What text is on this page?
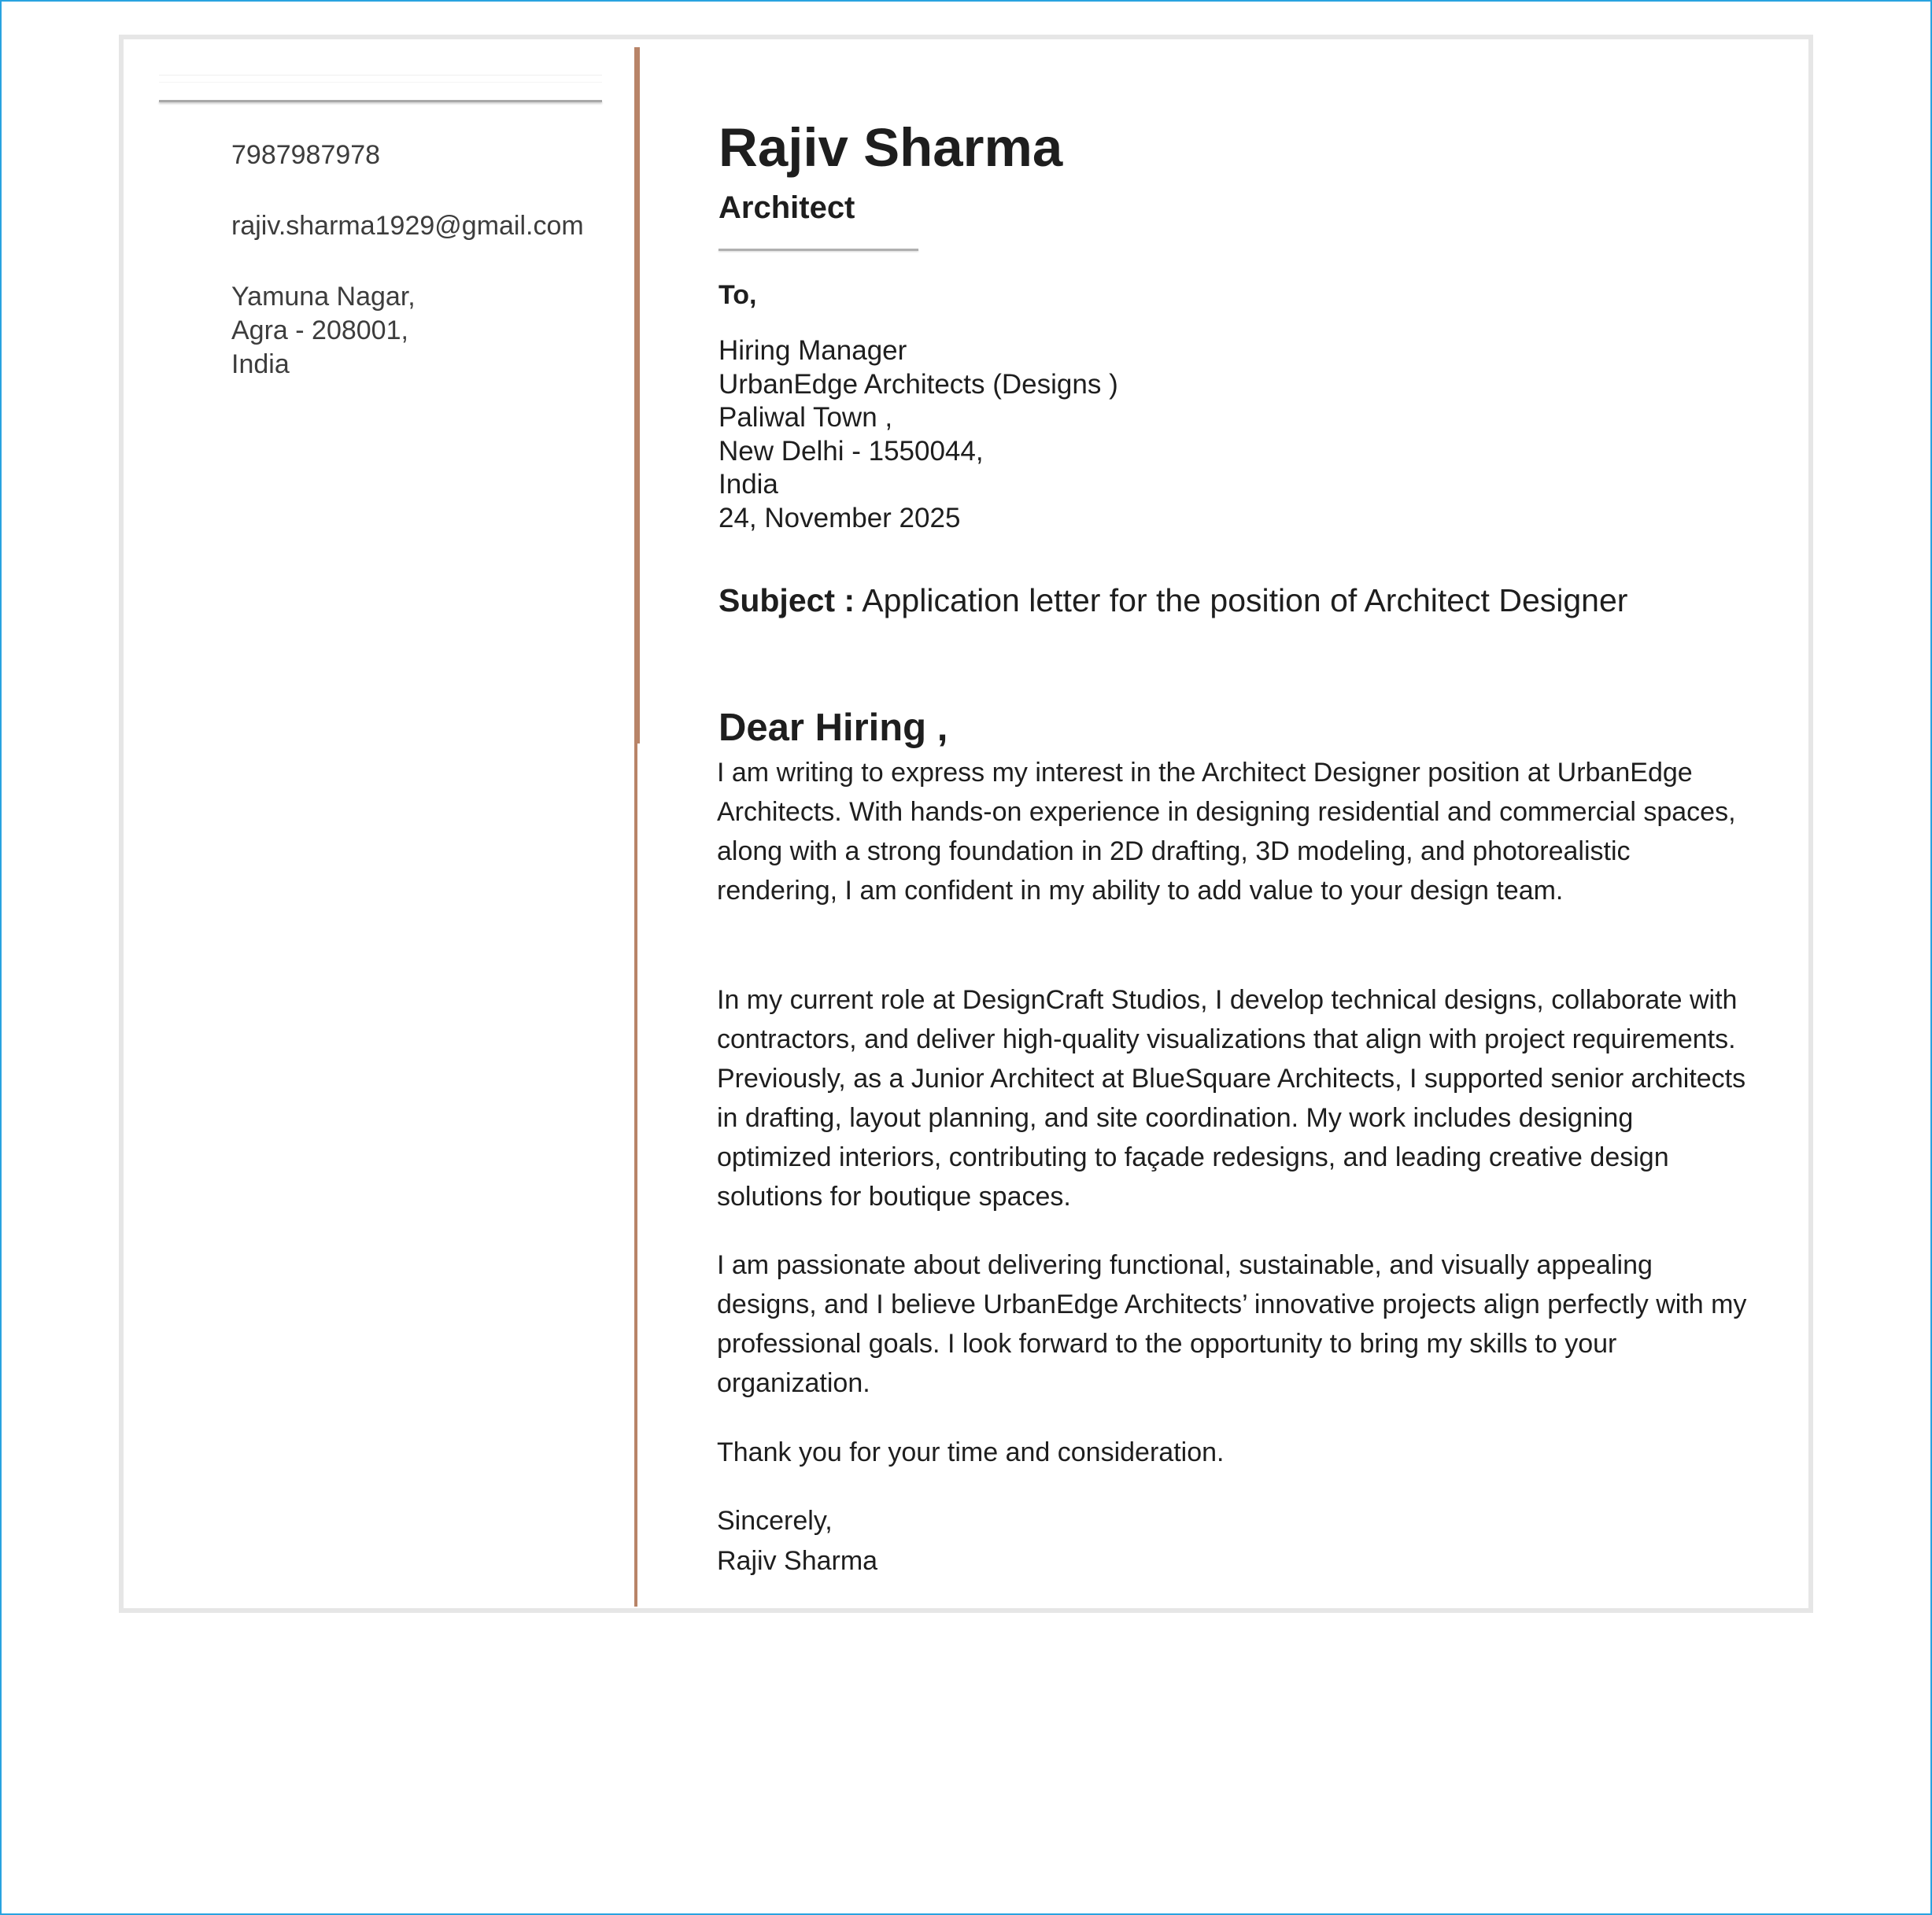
7987987978
rajiv.sharma1929@gmail.com
Yamuna Nagar,
Agra - 208001,
India
Rajiv Sharma
Architect
To,
Hiring Manager
UrbanEdge Architects (Designs )
Paliwal Town ,
New Delhi - 1550044,
India
24, November 2025
Subject : Application letter for the position of Architect Designer
Dear Hiring ,
I am writing to express my interest in the Architect Designer position at UrbanEdge Architects. With hands-on experience in designing residential and commercial spaces, along with a strong foundation in 2D drafting, 3D modeling, and photorealistic rendering, I am confident in my ability to add value to your design team.
In my current role at DesignCraft Studios, I develop technical designs, collaborate with contractors, and deliver high-quality visualizations that align with project requirements. Previously, as a Junior Architect at BlueSquare Architects, I supported senior architects in drafting, layout planning, and site coordination. My work includes designing optimized interiors, contributing to façade redesigns, and leading creative design solutions for boutique spaces.
I am passionate about delivering functional, sustainable, and visually appealing designs, and I believe UrbanEdge Architects’ innovative projects align perfectly with my professional goals. I look forward to the opportunity to bring my skills to your organization.
Thank you for your time and consideration.
Sincerely,
Rajiv Sharma
